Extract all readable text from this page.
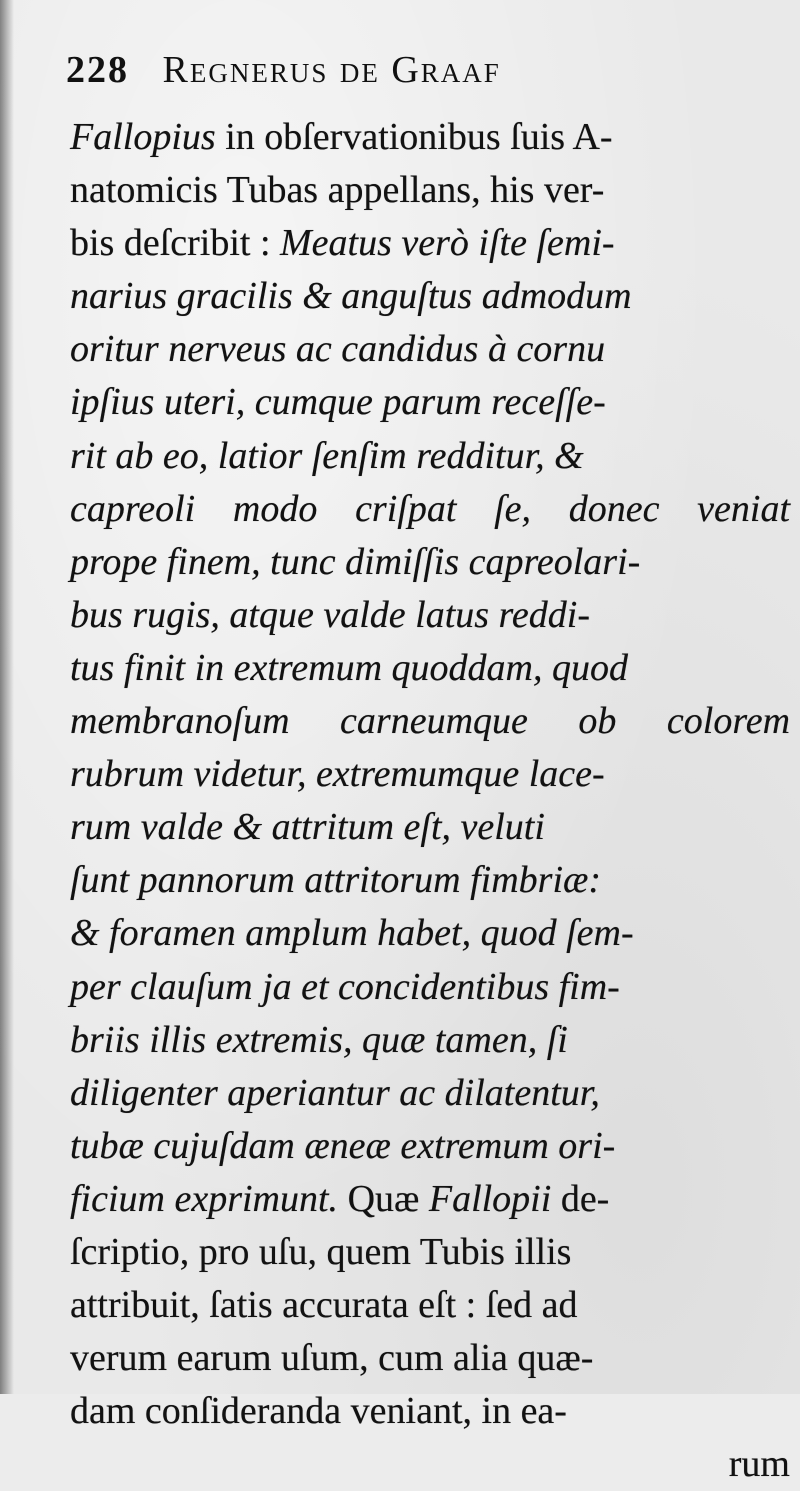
228 Regnerus de Graaf
Fallopius in obſervationibus ſuis A-
natomicis Tubas appellans, his ver-
bis deſcribit : Meatus verò iſte ſemi-
narius gracilis & anguſtus admodum
oritur nerveus ac candidus à cornu
ipſius uteri, cumque parum receſſe-
rit ab eo, latior ſenſim redditur, &
capreoli modo criſpat ſe, donec veniat
prope finem, tunc dimiſſis capreolari-
bus rugis, atque valde latus reddi-
tus finit in extremum quoddam, quod
membranoſum carneumque ob colorem
rubrum videtur, extremumque lace-
rum valde & attritum eſt, veluti
ſunt pannorum attritorum fimbriæ:
& foramen amplum habet, quod ſem-
per clauſum ja et concidentibus fim-
briis illis extremis, quæ tamen, ſi
diligenter aperiantur ac dilatentur,
tubæ cujuſdam æneæ extremum ori-
ficium exprimunt. Quæ Fallopii de-
ſcriptio, pro uſu, quem Tubis illis
attribuit, ſatis accurata eſt : ſed ad
verum earum uſum, cum alia quæ-
dam conſideranda veniant, in ea-
rum
